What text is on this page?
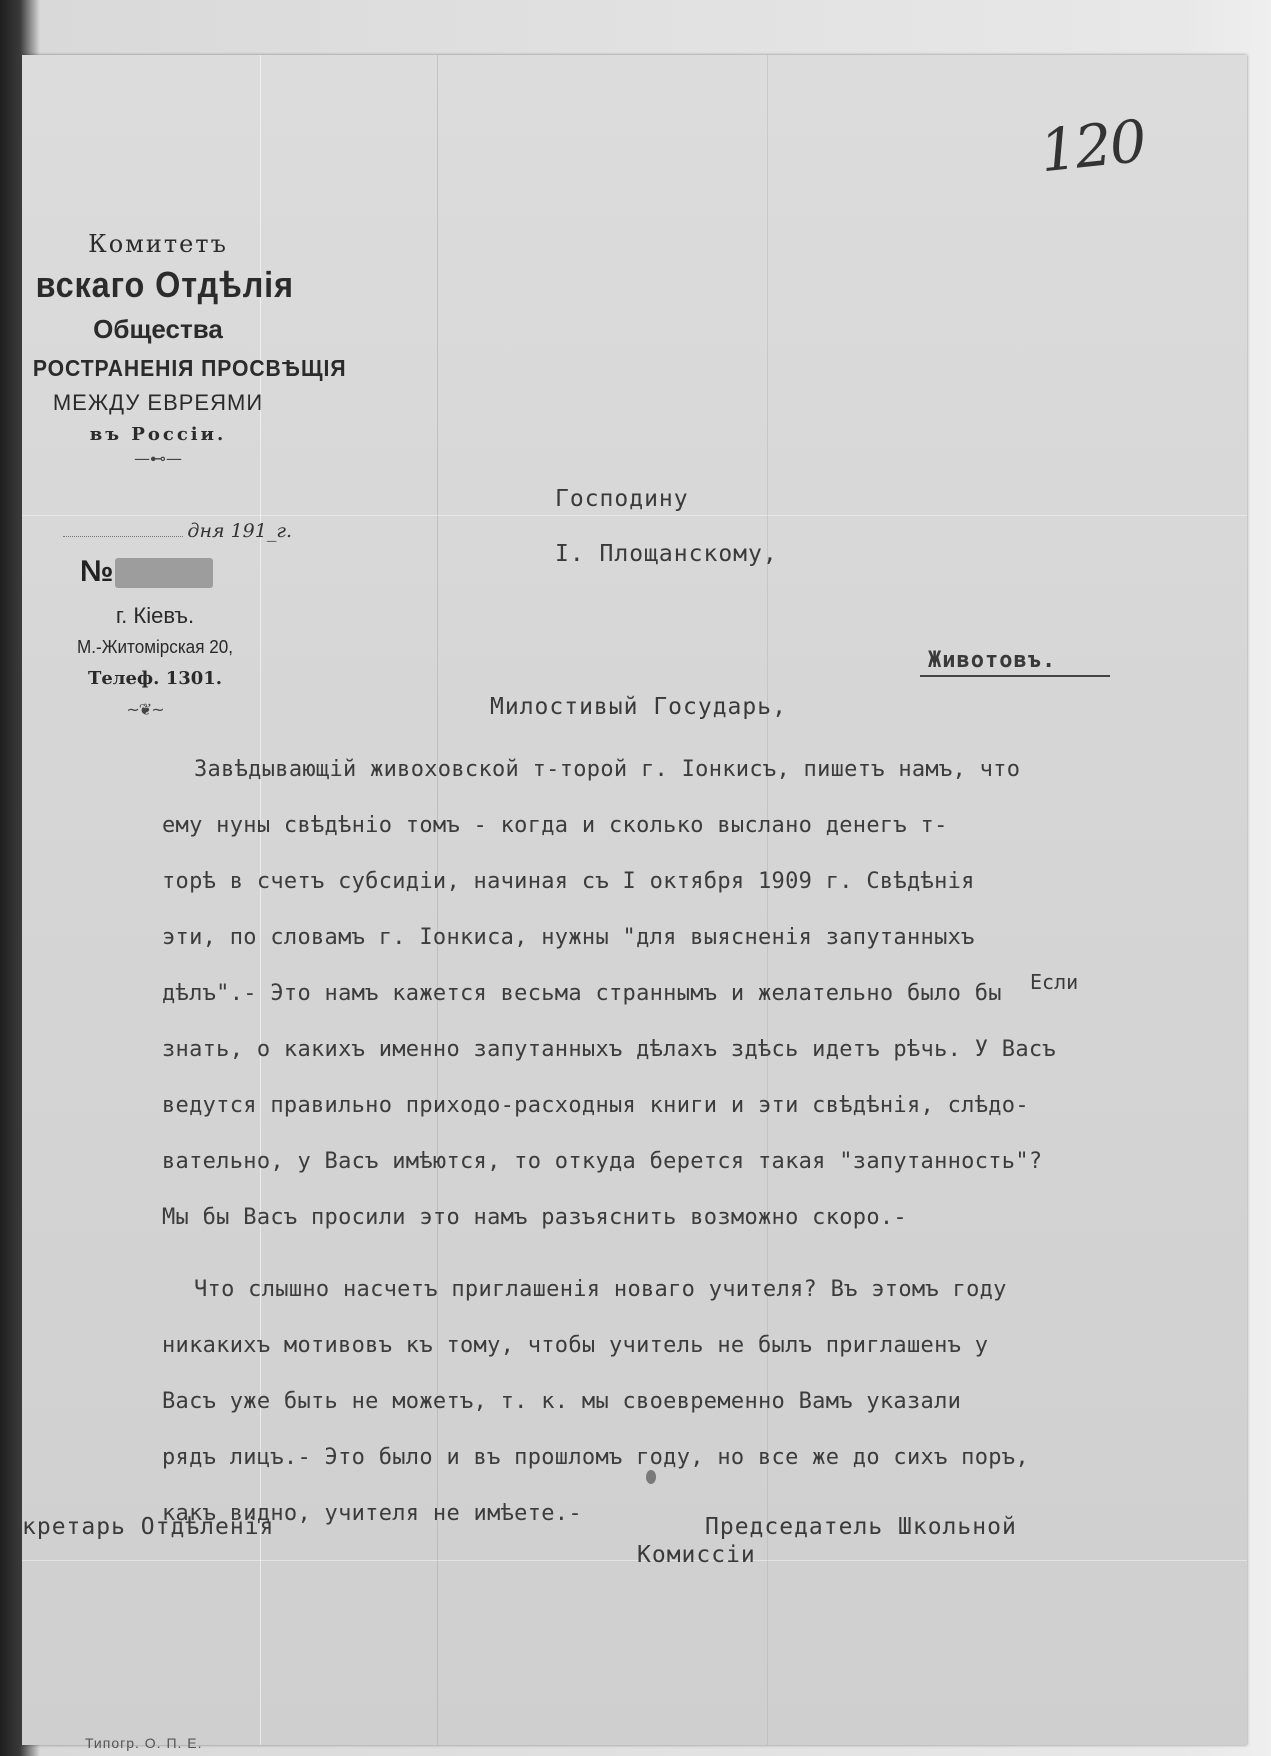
120
Комитетъ
вскаго Отдѣлія
Общества
РОСТРАНЕНІЯ ПРОСВѢЩІЯ
МЕЖДУ ЕВРЕЯМИ
въ Россіи.
—⊷—
дня 191_г.
№
г. Кіевъ.
М.-Житомірская 20,
Телеф. 1301.
~❦~
Господину
І. Площанскому,
Животовъ.
Милостивый Государь,
Завѣдывающій живоховской т-торой г. Іонкисъ, пишетъ намъ, что
ему нуны свѣдѣніо томъ - когда и сколько выслано денегъ т-
торѣ в счетъ субсидіи, начиная съ I октября 1909 г. Свѣдѣнія
эти, по словамъ г. Іонкиса, нужны "для выясненія запутанныхъ
дѣлъ".- Это намъ кажется весьма страннымъ и желательно было бы
знать, о какихъ именно запутанныхъ дѣлахъ здѣсь идетъ рѣчь. У Васъ
ведутся правильно приходо-расходныя книги и эти свѣдѣнія, слѣдо-
вательно, у Васъ имѣются, то откуда берется такая "запутанность"?
Мы бы Васъ просили это намъ разъяснить возможно скоро.-
Что слышно насчетъ приглашенія новаго учителя? Въ этомъ году
никакихъ мотивовъ къ тому, чтобы учитель не былъ приглашенъ у
Васъ уже быть не можетъ, т. к. мы своевременно Вамъ указали
рядъ лицъ.- Это было и въ прошломъ году, но все же до сихъ поръ,
какъ видно, учителя не имѣете.-
Если
кретарь Отдѣленія	Председатель Школьной
Комиссіи
Типогр. О. П. Е.
